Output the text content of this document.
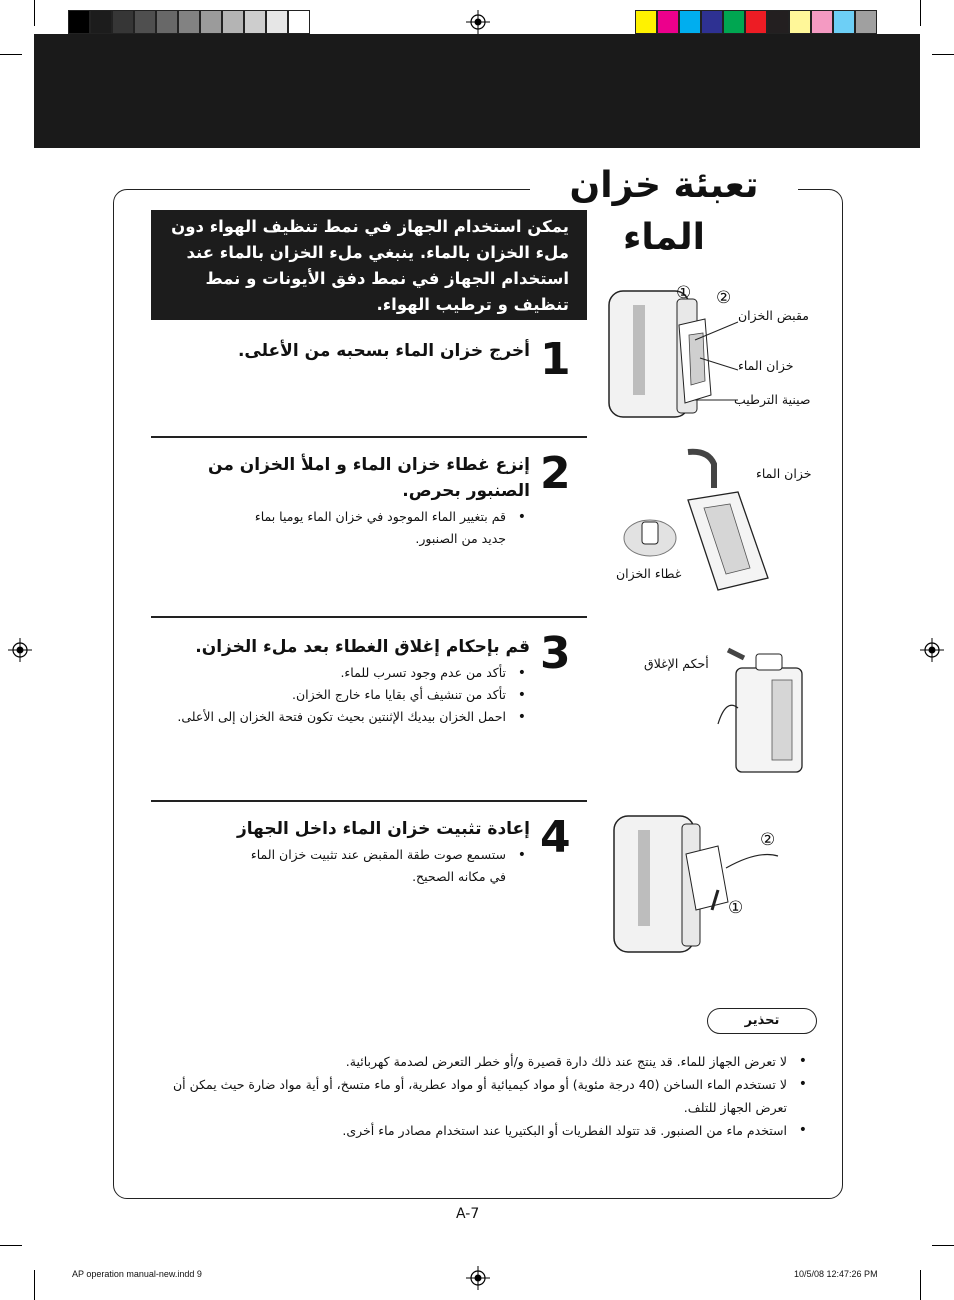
تعبئة خزان الماء
يمكن استخدام الجهاز في نمط تنظيف الهواء دون ملء الخزان بالماء. ينبغي ملء الخزان بالماء عند استخدام الجهاز في نمط دفق الأيونات و نمط تنظيف و ترطيب الهواء.
1
أخرج خزان الماء بسحبه من الأعلى.
① ②
مقبض الخزان
خزان الماء
صينية الترطيب
2
إنزع غطاء خزان الماء و املأ الخزان من الصنبور بحرص.
• قم بتغيير الماء الموجود في خزان الماء يوميا بماء جديد من الصنبور.
خزان الماء
غطاء الخزان
3
قم بإحكام إغلاق الغطاء بعد ملء الخزان.
• تأكد من عدم وجود تسرب للماء.
• تأكد من تنشيف أي بقايا ماء خارج الخزان.
• احمل الخزان بيديك الإثنتين بحيث تكون فتحة الخزان إلى الأعلى.
أحكم الإغلاق
4
إعادة تثبيت خزان الماء داخل الجهاز
• ستسمع صوت طقة المقبض عند تثبيت خزان الماء في مكانه الصحيح.
②
①
تحذير
• لا تعرض الجهاز للماء. قد ينتج عند ذلك دارة قصيرة و/أو خطر التعرض لصدمة كهربائية.
• لا تستخدم الماء الساخن (40 درجة مئوية) أو مواد كيميائية أو مواد عطرية، أو ماء متسخ، أو أية مواد ضارة حيث يمكن أن تعرض الجهاز للتلف.
• استخدم ماء من الصنبور. قد تتولد الفطريات أو البكتيريا عند استخدام مصادر ماء أخرى.
A-7
AP operation manual-new.indd 9	10/5/08 12:47:26 PM
